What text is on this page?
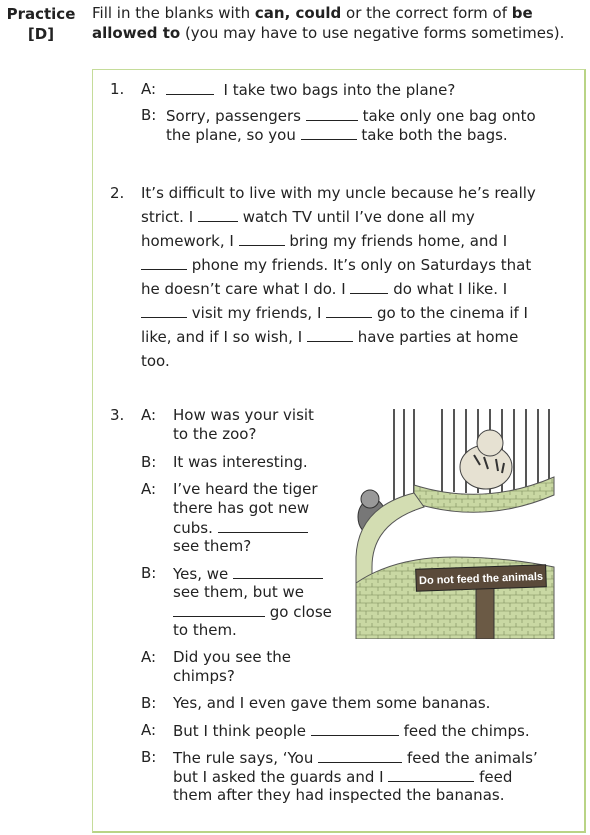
Practice
[D]
Fill in the blanks with can, could or the correct form of be allowed to (you may have to use negative forms sometimes).
1.	A:	I take two bags into the plane?
B: Sorry, passengers	take only one bag onto
the plane, so you	take both the bags.
2.	It’s difficult to live with my uncle because he’s really
strict. I	watch TV until I’ve done all my
homework, I	bring my friends home, and I
phone my friends. It’s only on Saturdays that
he doesn’t care what I do. I	do what I like. I
visit my friends, I	go to the cinema if I
like, and if I so wish, I	have parties at home
too.
3.	A:	How was your visit
to the zoo?
B:	It was interesting.
A:	I’ve heard the tiger
there has got new
cubs.
see them?
B:	Yes, we
see them, but we
go close
to them.
A:	Did you see the
chimps?
B:	Yes, and I even gave them some bananas.
A:	But I think people	feed the chimps.
B:	The rule says, ‘You	feed the animals’
but I asked the guards and I	feed
them after they had inspected the bananas.
Do not feed the animals
